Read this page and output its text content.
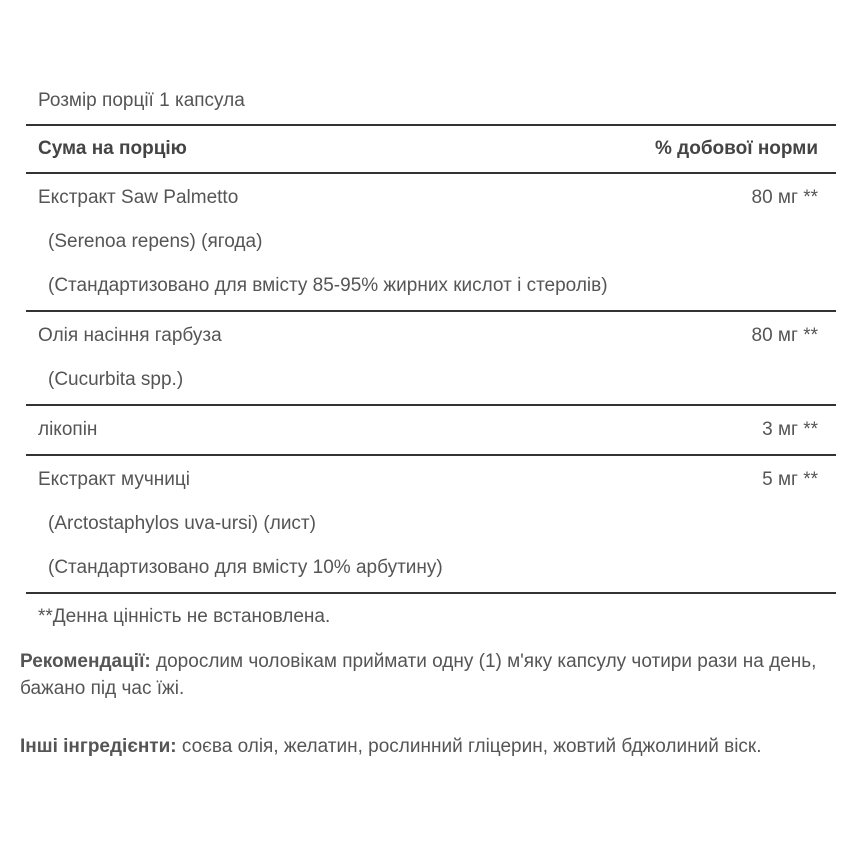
Розмір порції 1 капсула
Сума на порцію	% добової норми
Екстракт Saw Palmetto	80 мг **
(Serenoa repens) (ягода)
(Стандартизовано для вмісту 85-95% жирних кислот і стеролів)
Олія насіння гарбуза	80 мг **
(Cucurbita spp.)
лікопін	3 мг **
Екстракт мучниці	5 мг **
(Arctostaphylos uva-ursi) (лист)
(Стандартизовано для вмісту 10% арбутину)
**Денна цінність не встановлена.
Рекомендації: дорослим чоловікам приймати одну (1) м'яку капсулу чотири рази на день, бажано під час їжі.
Інші інгредієнти: соєва олія, желатин, рослинний гліцерин, жовтий бджолиний віск.
